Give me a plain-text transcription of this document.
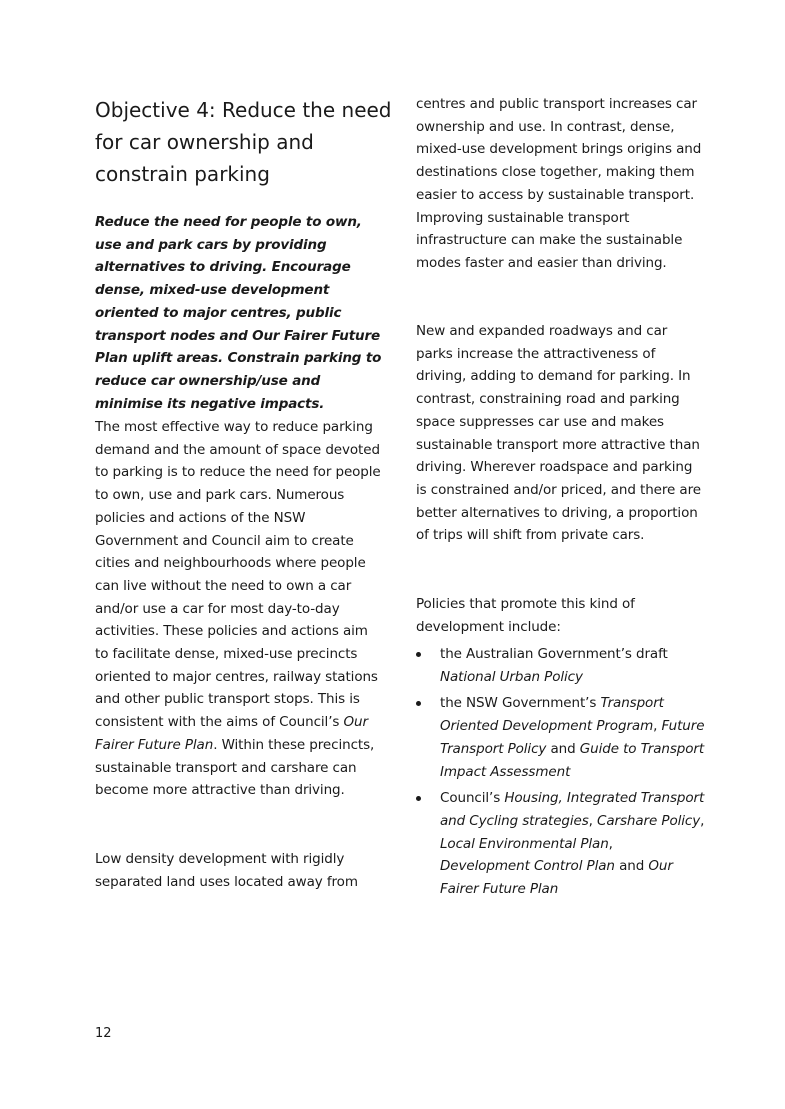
Objective 4: Reduce the need for car ownership and constrain parking

Reduce the need for people to own, use and park cars by providing alternatives to driving. Encourage dense, mixed-use development oriented to major centres, public transport nodes and Our Fairer Future Plan uplift areas. Constrain parking to reduce car ownership/use and minimise its negative impacts.

The most effective way to reduce parking demand and the amount of space devoted to parking is to reduce the need for people to own, use and park cars. Numerous policies and actions of the NSW Government and Council aim to create cities and neighbourhoods where people can live without the need to own a car and/or use a car for most day-to-day activities. These policies and actions aim to facilitate dense, mixed-use precincts oriented to major centres, railway stations and other public transport stops. This is consistent with the aims of Council’s Our Fairer Future Plan. Within these precincts, sustainable transport and carshare can become more attractive than driving.

Low density development with rigidly separated land uses located away from

centres and public transport increases car ownership and use. In contrast, dense, mixed-use development brings origins and destinations close together, making them easier to access by sustainable transport. Improving sustainable transport infrastructure can make the sustainable modes faster and easier than driving.

New and expanded roadways and car parks increase the attractiveness of driving, adding to demand for parking. In contrast, constraining road and parking space suppresses car use and makes sustainable transport more attractive than driving. Wherever roadspace and parking is constrained and/or priced, and there are better alternatives to driving, a proportion of trips will shift from private cars.

Policies that promote this kind of development include:

the Australian Government’s draft National Urban Policy
the NSW Government’s Transport Oriented Development Program, Future Transport Policy and Guide to Transport Impact Assessment
Council’s Housing, Integrated Transport and Cycling strategies, Carshare Policy, Local Environmental Plan, Development Control Plan and Our Fairer Future Plan
12
